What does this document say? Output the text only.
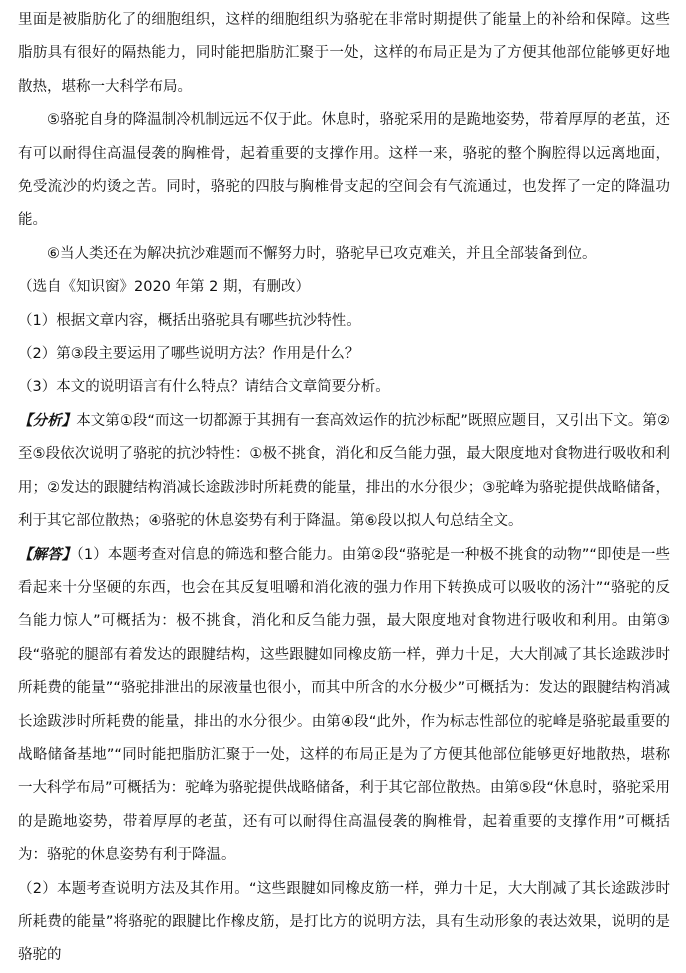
里面是被脂肪化了的细胞组织，这样的细胞组织为骆驼在非常时期提供了能量上的补给和保障。这些脂肪具有很好的隔热能力，同时能把脂肪汇聚于一处，这样的布局正是为了方便其他部位能够更好地散热，堪称一大科学布局。

⑤骆驼自身的降温制冷机制远远不仅于此。休息时，骆驼采用的是跪地姿势，带着厚厚的老茧，还有可以耐得住高温侵袭的胸椎骨，起着重要的支撑作用。这样一来，骆驼的整个胸腔得以远离地面，免受流沙的灼烫之苦。同时，骆驼的四肢与胸椎骨支起的空间会有气流通过，也发挥了一定的降温功能。

⑥当人类还在为解决抗沙难题而不懈努力时，骆驼早已攻克难关，并且全部装备到位。

（选自《知识窗》2020 年第 2 期，有删改）

（1）根据文章内容，概括出骆驼具有哪些抗沙特性。

（2）第③段主要运用了哪些说明方法？作用是什么？

（3）本文的说明语言有什么特点？请结合文章简要分析。

【分析】本文第①段“而这一切都源于其拥有一套高效运作的抗沙标配”既照应题目，又引出下文。第②至⑤段依次说明了骆驼的抗沙特性：①极不挑食，消化和反刍能力强，最大限度地对食物进行吸收和利用；②发达的跟腱结构消减长途跋涉时所耗费的能量，排出的水分很少；③驼峰为骆驼提供战略储备，利于其它部位散热；④骆驼的休息姿势有利于降温。第⑥段以拟人句总结全文。

【解答】（1）本题考查对信息的筛选和整合能力。由第②段“骆驼是一种极不挑食的动物”“即使是一些看起来十分坚硬的东西，也会在其反复咀嚼和消化液的强力作用下转换成可以吸收的汤汁”“骆驼的反刍能力惊人”可概括为：极不挑食，消化和反刍能力强，最大限度地对食物进行吸收和利用。由第③段“骆驼的腿部有着发达的跟腱结构，这些跟腱如同橡皮筋一样，弹力十足，大大削减了其长途跋涉时所耗费的能量”“骆驼排泄出的尿液量也很小，而其中所含的水分极少”可概括为：发达的跟腱结构消减长途跋涉时所耗费的能量，排出的水分很少。由第④段“此外，作为标志性部位的驼峰是骆驼最重要的战略储备基地”“同时能把脂肪汇聚于一处，这样的布局正是为了方便其他部位能够更好地散热，堪称一大科学布局”可概括为：驼峰为骆驼提供战略储备，利于其它部位散热。由第⑤段“休息时，骆驼采用的是跪地姿势，带着厚厚的老茧，还有可以耐得住高温侵袭的胸椎骨，起着重要的支撑作用”可概括为：骆驼的休息姿势有利于降温。

（2）本题考查说明方法及其作用。“这些跟腱如同橡皮筋一样，弹力十足，大大削减了其长途跋涉时所耗费的能量”将骆驼的跟腱比作橡皮筋，是打比方的说明方法，具有生动形象的表达效果，说明的是骆驼的
